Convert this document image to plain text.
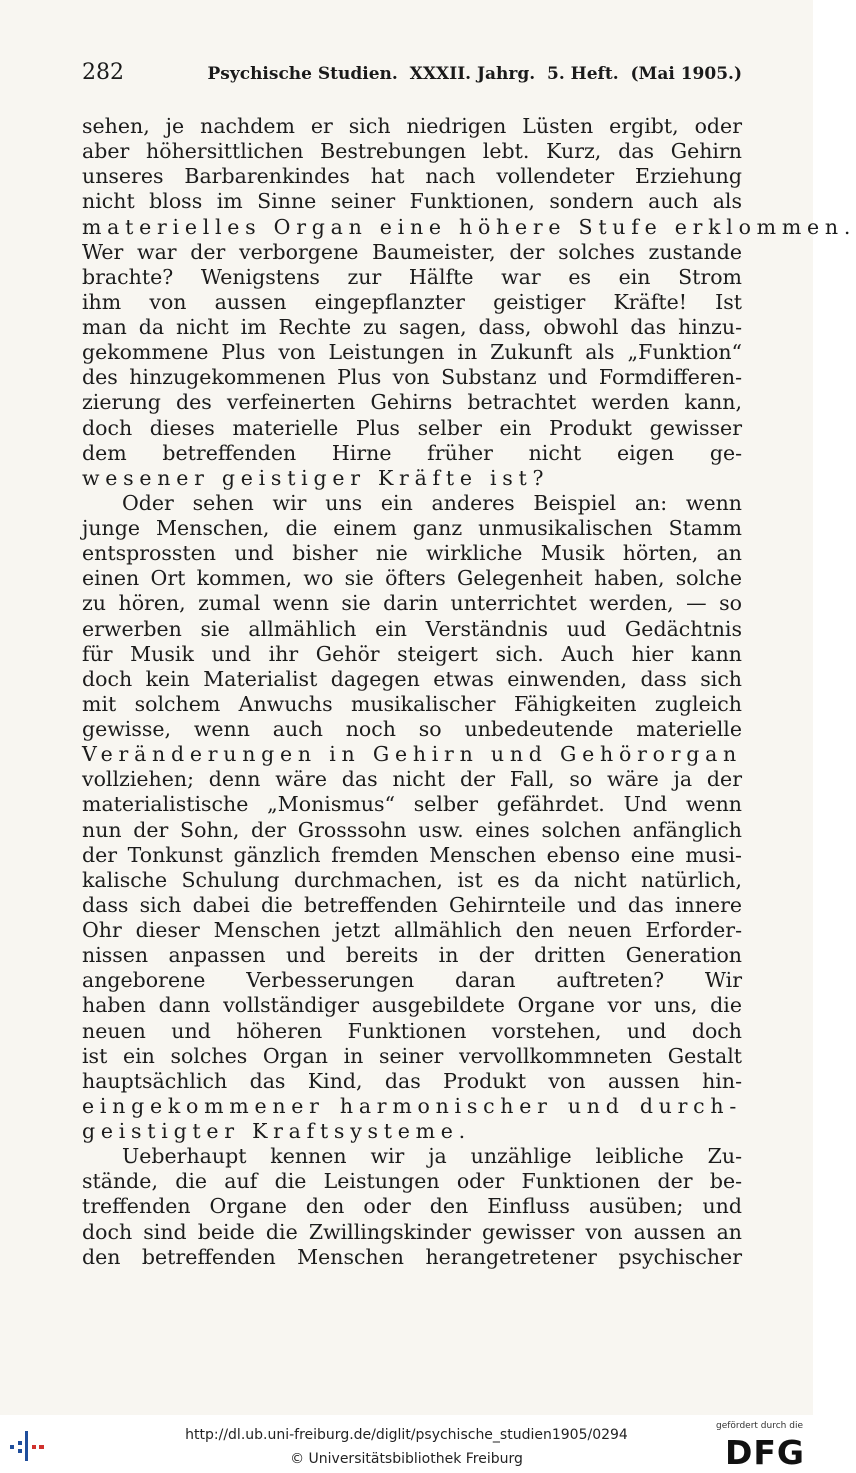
282	Psychische Studien.  XXXII. Jahrg.  5. Heft.  (Mai 1905.)
sehen, je nachdem er sich niedrigen Lüsten ergibt, oder
aber höhersittlichen Bestrebungen lebt. Kurz, das Gehirn
unseres Barbarenkindes hat nach vollendeter Erziehung
nicht bloss im Sinne seiner Funktionen, sondern auch als
materielles Organ eine höhere Stufe erklommen.
Wer war der verborgene Baumeister, der solches zustande
brachte? Wenigstens zur Hälfte war es ein Strom
ihm von aussen eingepflanzter geistiger Kräfte! Ist
man da nicht im Rechte zu sagen, dass, obwohl das hinzu-
gekommene Plus von Leistungen in Zukunft als „Funktion“
des hinzugekommenen Plus von Substanz und Formdifferen-
zierung des verfeinerten Gehirns betrachtet werden kann,
doch dieses materielle Plus selber ein Produkt gewisser
dem betreffenden Hirne früher nicht eigen ge-
wesener geistiger Kräfte ist?
Oder sehen wir uns ein anderes Beispiel an: wenn
junge Menschen, die einem ganz unmusikalischen Stamm
entsprossten und bisher nie wirkliche Musik hörten, an
einen Ort kommen, wo sie öfters Gelegenheit haben, solche
zu hören, zumal wenn sie darin unterrichtet werden, — so
erwerben sie allmählich ein Verständnis uud Gedächtnis
für Musik und ihr Gehör steigert sich. Auch hier kann
doch kein Materialist dagegen etwas einwenden, dass sich
mit solchem Anwuchs musikalischer Fähigkeiten zugleich
gewisse, wenn auch noch so unbedeutende materielle
Veränderungen in Gehirn und Gehörorgan
vollziehen; denn wäre das nicht der Fall, so wäre ja der
materialistische „Monismus“ selber gefährdet. Und wenn
nun der Sohn, der Grosssohn usw. eines solchen anfänglich
der Tonkunst gänzlich fremden Menschen ebenso eine musi-
kalische Schulung durchmachen, ist es da nicht natürlich,
dass sich dabei die betreffenden Gehirnteile und das innere
Ohr dieser Menschen jetzt allmählich den neuen Erforder-
nissen anpassen und bereits in der dritten Generation
angeborene Verbesserungen daran auftreten? Wir
haben dann vollständiger ausgebildete Organe vor uns, die
neuen und höheren Funktionen vorstehen, und doch
ist ein solches Organ in seiner vervollkommneten Gestalt
hauptsächlich das Kind, das Produkt von aussen hin-
eingekommener harmonischer und durch-
geistigter Kraftsysteme.
Ueberhaupt kennen wir ja unzählige leibliche Zu-
stände, die auf die Leistungen oder Funktionen der be-
treffenden Organe den oder den Einfluss ausüben; und
doch sind beide die Zwillingskinder gewisser von aussen an
den betreffenden Menschen herangetretener psychischer
http://dl.ub.uni-freiburg.de/diglit/psychische_studien1905/0294
© Universitätsbibliothek Freiburg
gefördert durch die
DFG
